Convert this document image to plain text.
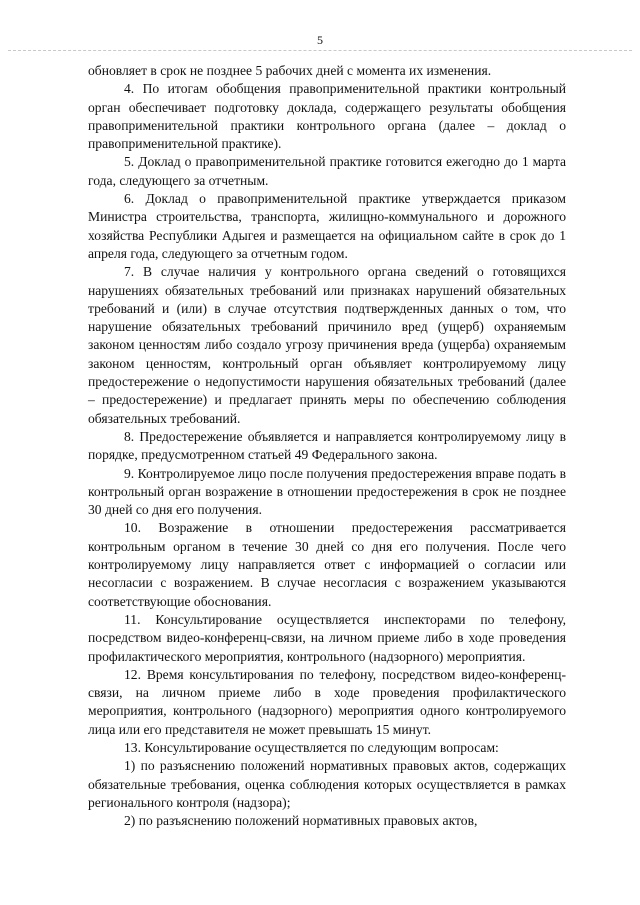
5

обновляет в срок не позднее 5 рабочих дней с момента их изменения.

4. По итогам обобщения правоприменительной практики контрольный орган обеспечивает подготовку доклада, содержащего результаты обобщения правоприменительной практики контрольного органа (далее – доклад о правоприменительной практике).

5. Доклад о правоприменительной практике готовится ежегодно до 1 марта года, следующего за отчетным.

6. Доклад о правоприменительной практике утверждается приказом Министра строительства, транспорта, жилищно-коммунального и дорожного хозяйства Республики Адыгея и размещается на официальном сайте в срок до 1 апреля года, следующего за отчетным годом.

7. В случае наличия у контрольного органа сведений о готовящихся нарушениях обязательных требований или признаках нарушений обязательных требований и (или) в случае отсутствия подтвержденных данных о том, что нарушение обязательных требований причинило вред (ущерб) охраняемым законом ценностям либо создало угрозу причинения вреда (ущерба) охраняемым законом ценностям, контрольный орган объявляет контролируемому лицу предостережение о недопустимости нарушения обязательных требований (далее – предостережение) и предлагает принять меры по обеспечению соблюдения обязательных требований.

8. Предостережение объявляется и направляется контролируемому лицу в порядке, предусмотренном статьей 49 Федерального закона.

9. Контролируемое лицо после получения предостережения вправе подать в контрольный орган возражение в отношении предостережения в срок не позднее 30 дней со дня его получения.

10. Возражение в отношении предостережения рассматривается контрольным органом в течение 30 дней со дня его получения. После чего контролируемому лицу направляется ответ с информацией о согласии или несогласии с возражением. В случае несогласия с возражением указываются соответствующие обоснования.

11. Консультирование осуществляется инспекторами по телефону, посредством видео-конференц-связи, на личном приеме либо в ходе проведения профилактического мероприятия, контрольного (надзорного) мероприятия.

12. Время консультирования по телефону, посредством видео-конференц-связи, на личном приеме либо в ходе проведения профилактического мероприятия, контрольного (надзорного) мероприятия одного контролируемого лица или его представителя не может превышать 15 минут.

13. Консультирование осуществляется по следующим вопросам:

1) по разъяснению положений нормативных правовых актов, содержащих обязательные требования, оценка соблюдения которых осуществляется в рамках регионального контроля (надзора);

2) по разъяснению положений нормативных правовых актов,
